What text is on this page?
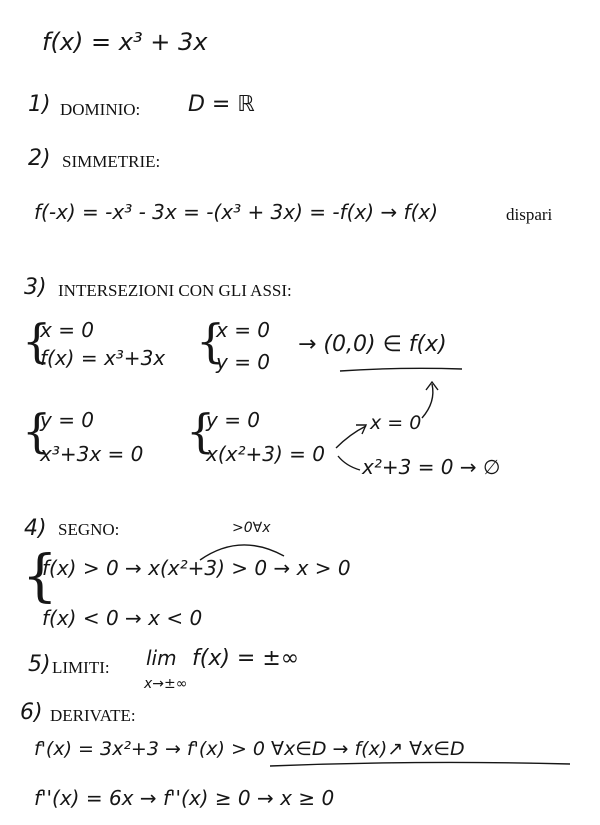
f(x) = x³ + 3x
1) DOMINIO: D = ℝ
2) SIMMETRIE:
f(-x) = -x³ - 3x = -(x³ + 3x) = -f(x) → f(x)	dispari
3) INTERSEZIONI CON GLI ASSI:
{
x = 0
f(x) = x³+3x {
x = 0
y = 0
→ (0,0) ∈ f(x)
{
y = 0
x³+3x = 0 {
y = 0
x(x²+3) = 0
x = 0
x²+3 = 0 → ∅
4) SEGNO:	>0∀x
{
f(x) > 0 → x(x²+3) > 0 → x > 0
f(x) < 0 → x < 0
5) LIMITI: lim
x→±∞
f(x) = ±∞
6) DERIVATE:
f'(x) = 3x²+3 → f'(x) > 0 ∀x∈D → f(x)↗ ∀x∈D
f''(x) = 6x → f''(x) ≥ 0 → x ≥ 0
